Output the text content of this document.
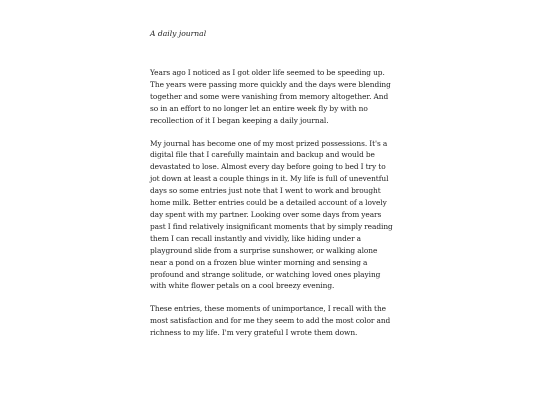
A daily journal

Years ago I noticed as I got older life seemed to be speeding up. The years were passing more quickly and the days were blending together and some were vanishing from memory altogether. And so in an effort to no longer let an entire week fly by with no recollection of it I began keeping a daily journal.

My journal has become one of my most prized possessions. It's a digital file that I carefully maintain and backup and would be devastated to lose. Almost every day before going to bed I try to jot down at least a couple things in it. My life is full of uneventful days so some entries just note that I went to work and brought home milk. Better entries could be a detailed account of a lovely day spent with my partner. Looking over some days from years past I find relatively insignificant moments that by simply reading them I can recall instantly and vividly, like hiding under a playground slide from a surprise sunshower, or walking alone near a pond on a frozen blue winter morning and sensing a profound and strange solitude, or watching loved ones playing with white flower petals on a cool breezy evening.

These entries, these moments of unimportance, I recall with the most satisfaction and for me they seem to add the most color and richness to my life. I'm very grateful I wrote them down.
